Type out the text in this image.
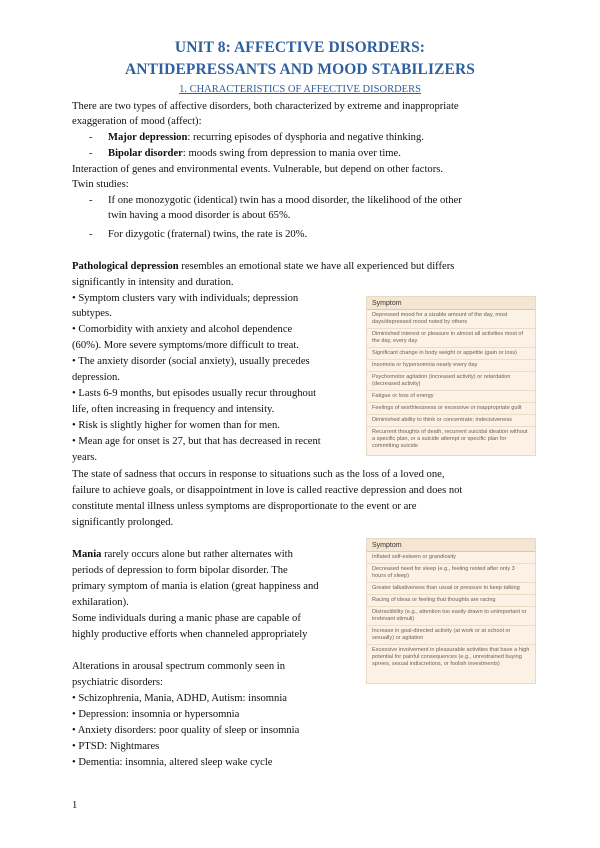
UNIT 8: AFFECTIVE DISORDERS:
ANTIDEPRESSANTS AND MOOD STABILIZERS
1. CHARACTERISTICS OF AFFECTIVE DISORDERS
There are two types of affective disorders, both characterized by extreme and inappropriate
exaggeration of mood (affect):
- Major depression: recurring episodes of dysphoria and negative thinking.
- Bipolar disorder: moods swing from depression to mania over time.
Interaction of genes and environmental events. Vulnerable, but depend on other factors.
Twin studies:
- If one monozygotic (identical) twin has a mood disorder, the likelihood of the other
twin having a mood disorder is about 65%.
- For dizygotic (fraternal) twins, the rate is 20%.
Pathological depression resembles an emotional state we have all experienced but differs
significantly in intensity and duration.
• Symptom clusters vary with individuals; depression
subtypes.
• Comorbidity with anxiety and alcohol dependence
(60%). More severe symptoms/more difficult to treat.
• The anxiety disorder (social anxiety), usually precedes
depression.
• Lasts 6-9 months, but episodes usually recur throughout
life, often increasing in frequency and intensity.
• Risk is slightly higher for women than for men.
• Mean age for onset is 27, but that has decreased in recent
years.
Symptom
Depressed mood for a sizable amount of the day, most days/depressed mood noted by others
Diminished interest or pleasure in almost all activities most of the day, every day
Significant change in body weight or appetite (gain or loss)
Insomnia or hypersomnia nearly every day
Psychomotor agitation (increased activity) or retardation (decreased activity)
Fatigue or loss of energy
Feelings of worthlessness or excessive or inappropriate guilt
Diminished ability to think or concentrate; indecisiveness
Recurrent thoughts of death, recurrent suicidal ideation without a specific plan, or a suicide attempt or specific plan for committing suicide
The state of sadness that occurs in response to situations such as the loss of a loved one,
failure to achieve goals, or disappointment in love is called reactive depression and does not
constitute mental illness unless symptoms are disproportionate to the event or are
significantly prolonged.
Mania rarely occurs alone but rather alternates with
periods of depression to form bipolar disorder. The
primary symptom of mania is elation (great happiness and
exhilaration).
Some individuals during a manic phase are capable of
highly productive efforts when channeled appropriately
Symptom
Inflated self-esteem or grandiosity
Decreased need for sleep (e.g., feeling rested after only 3 hours of sleep)
Greater talkativeness than usual or pressure to keep talking
Racing of ideas or feeling that thoughts are racing
Distractibility (e.g., attention too easily drawn to unimportant or irrelevant stimuli)
Increase in goal-directed activity (at work or at school or sexually) or agitation
Excessive involvement in pleasurable activities that have a high potential for painful consequences (e.g., unrestrained buying sprees, sexual indiscretions, or foolish investments)
Alterations in arousal spectrum commonly seen in
psychiatric disorders:
• Schizophrenia, Mania, ADHD, Autism: insomnia
• Depression: insomnia or hypersomnia
• Anxiety disorders: poor quality of sleep or insomnia
• PTSD: Nightmares
• Dementia: insomnia, altered sleep wake cycle
1
